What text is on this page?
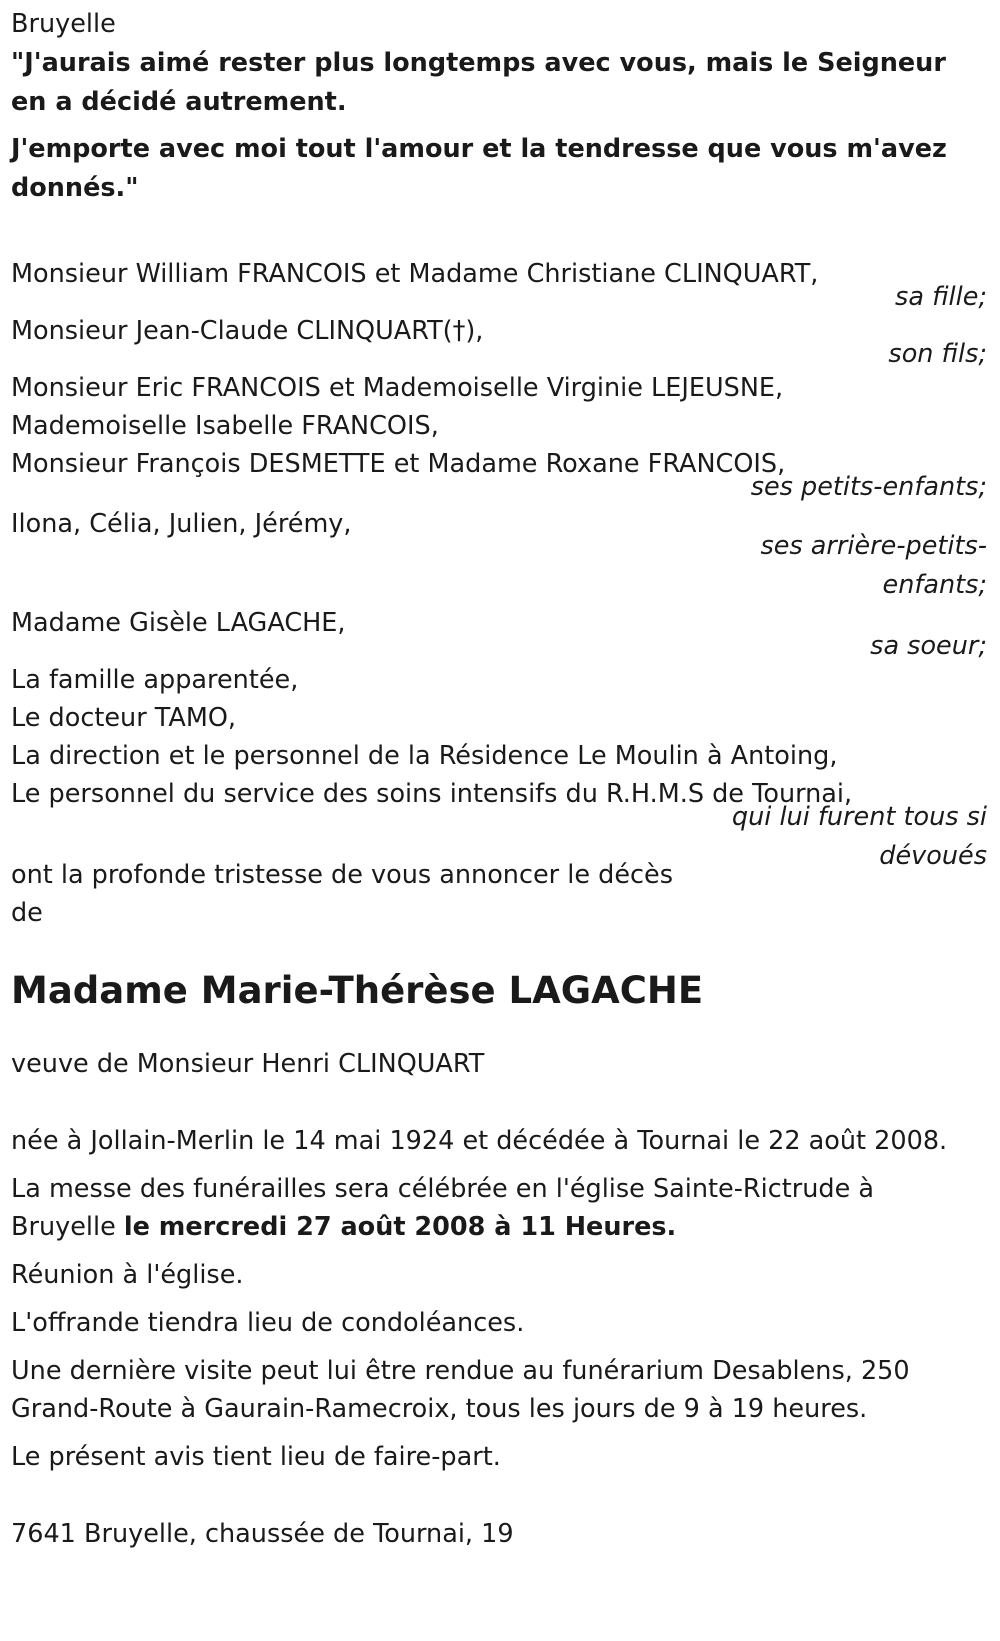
Bruyelle
"J'aurais aimé rester plus longtemps avec vous, mais le Seigneur en a décidé autrement.
J'emporte avec moi tout l'amour et la tendresse que vous m'avez donnés."
Monsieur William FRANCOIS et Madame Christiane CLINQUART,
sa fille;
Monsieur Jean-Claude CLINQUART(†),
son fils;
Monsieur Eric FRANCOIS et Mademoiselle Virginie LEJEUSNE,
Mademoiselle Isabelle FRANCOIS,
Monsieur François DESMETTE et Madame Roxane FRANCOIS,
ses petits-enfants;
Ilona, Célia, Julien, Jérémy,
ses arrière-petits-
enfants;
Madame Gisèle LAGACHE,
sa soeur;
La famille apparentée,
Le docteur TAMO,
La direction et le personnel de la Résidence Le Moulin à Antoing,
Le personnel du service des soins intensifs du R.H.M.S de Tournai,
qui lui furent tous si
dévoués
ont la profonde tristesse de vous annoncer le décès
de
Madame Marie-Thérèse LAGACHE
veuve de Monsieur Henri CLINQUART
née à Jollain-Merlin le 14 mai 1924 et décédée à Tournai le 22 août 2008.
La messe des funérailles sera célébrée en l'église Sainte-Rictrude à
Bruyelle le mercredi 27 août 2008 à 11 Heures.
Réunion à l'église.
L'offrande tiendra lieu de condoléances.
Une dernière visite peut lui être rendue au funérarium Desablens, 250
Grand-Route à Gaurain-Ramecroix, tous les jours de 9 à 19 heures.
Le présent avis tient lieu de faire-part.
7641 Bruyelle, chaussée de Tournai, 19
